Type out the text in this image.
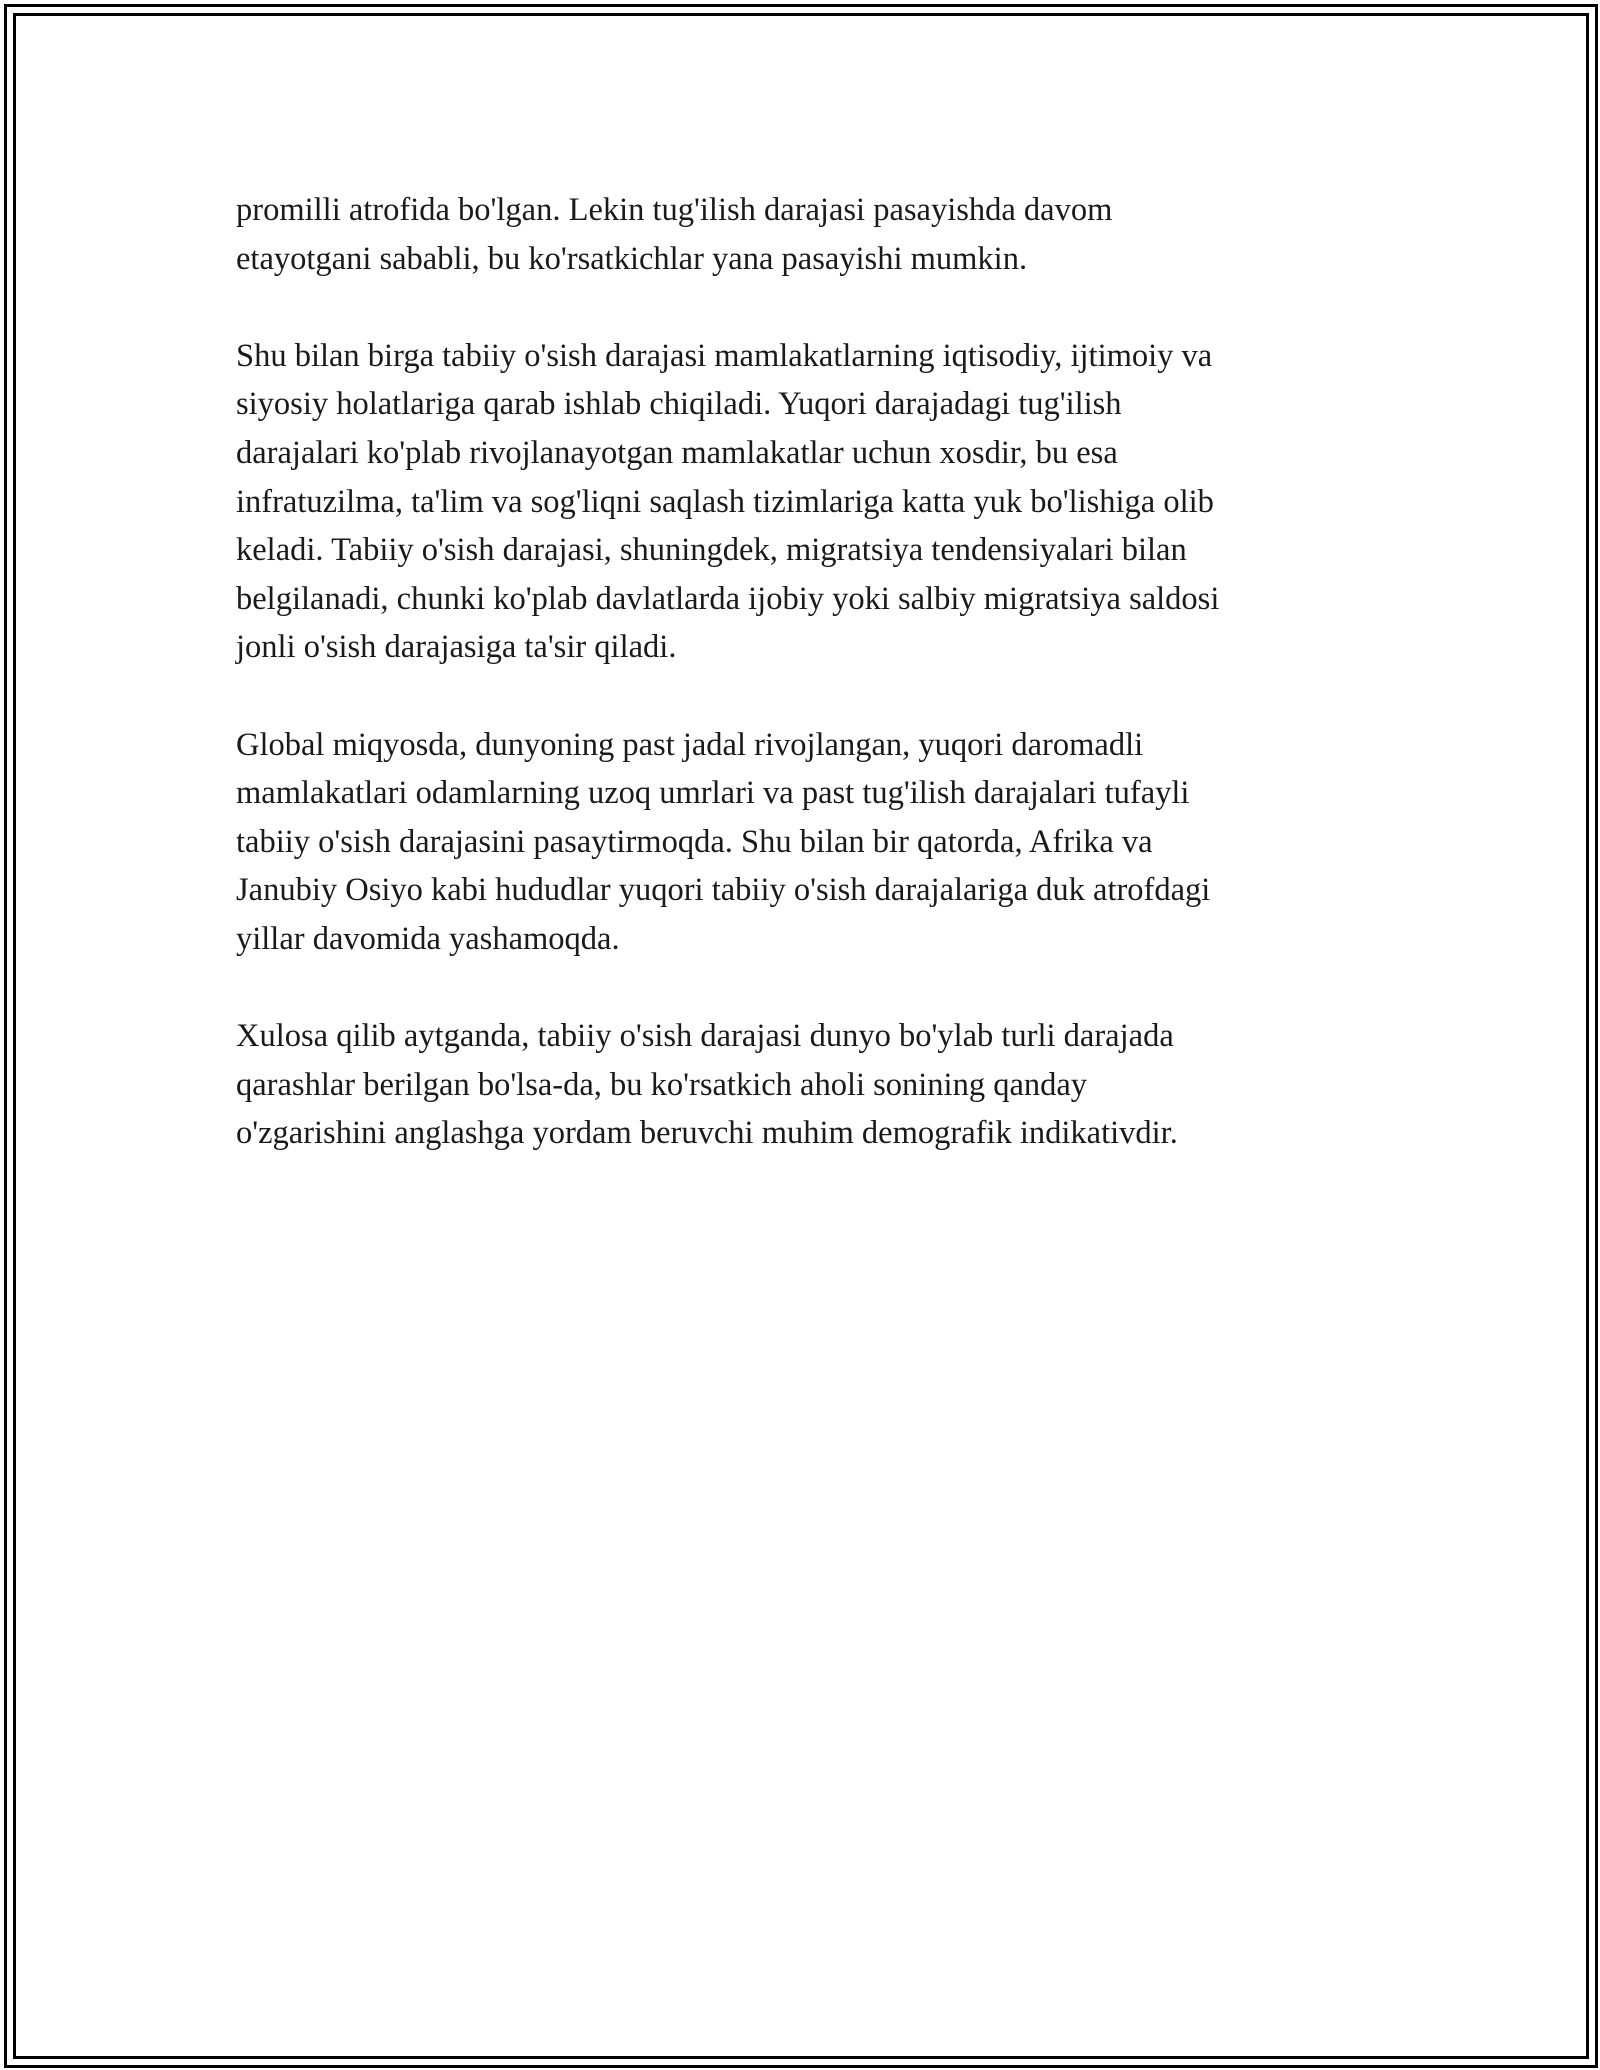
promilli atrofida bo'lgan. Lekin tug'ilish darajasi pasayishda davom
etayotgani sababli, bu ko'rsatkichlar yana pasayishi mumkin.

Shu bilan birga tabiiy o'sish darajasi mamlakatlarning iqtisodiy, ijtimoiy va
siyosiy holatlariga qarab ishlab chiqiladi. Yuqori darajadagi tug'ilish
darajalari ko'plab rivojlanayotgan mamlakatlar uchun xosdir, bu esa
infratuzilma, ta'lim va sog'liqni saqlash tizimlariga katta yuk bo'lishiga olib
keladi. Tabiiy o'sish darajasi, shuningdek, migratsiya tendensiyalari bilan
belgilanadi, chunki ko'plab davlatlarda ijobiy yoki salbiy migratsiya saldosi
jonli o'sish darajasiga ta'sir qiladi.

Global miqyosda, dunyoning past jadal rivojlangan, yuqori daromadli
mamlakatlari odamlarning uzoq umrlari va past tug'ilish darajalari tufayli
tabiiy o'sish darajasini pasaytirmoqda. Shu bilan bir qatorda, Afrika va
Janubiy Osiyo kabi hududlar yuqori tabiiy o'sish darajalariga duk atrofdagi
yillar davomida yashamoqda.

Xulosa qilib aytganda, tabiiy o'sish darajasi dunyo bo'ylab turli darajada
qarashlar berilgan bo'lsa-da, bu ko'rsatkich aholi sonining qanday
o'zgarishini anglashga yordam beruvchi muhim demografik indikativdir.
